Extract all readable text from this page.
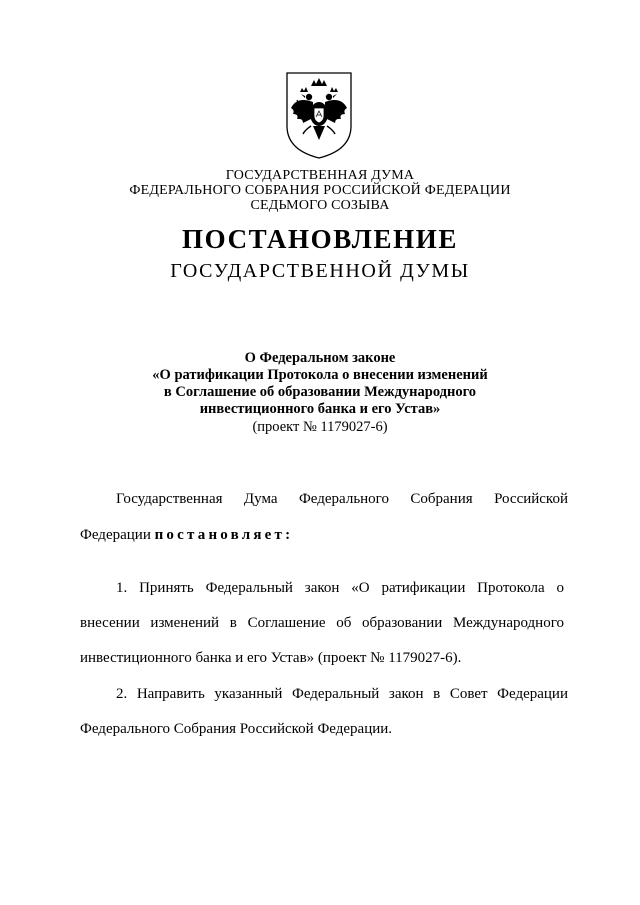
ГОСУДАРСТВЕННАЯ ДУМА
ФЕДЕРАЛЬНОГО СОБРАНИЯ РОССИЙСКОЙ ФЕДЕРАЦИИ
СЕДЬМОГО СОЗЫВА
ПОСТАНОВЛЕНИЕ
ГОСУДАРСТВЕННОЙ ДУМЫ
О Федеральном законе
«О ратификации Протокола о внесении изменений
в Соглашение об образовании Международного
инвестиционного банка и его Устав»
(проект № 1179027-6)
Государственная Дума Федерального Собрания Российской
Федерации постановляет:
1. Принять Федеральный закон «О ратификации Протокола о
внесении изменений в Соглашение об образовании Международного
инвестиционного банка и его Устав» (проект № 1179027-6).
2. Направить указанный Федеральный закон в Совет Федерации
Федерального Собрания Российской Федерации.
